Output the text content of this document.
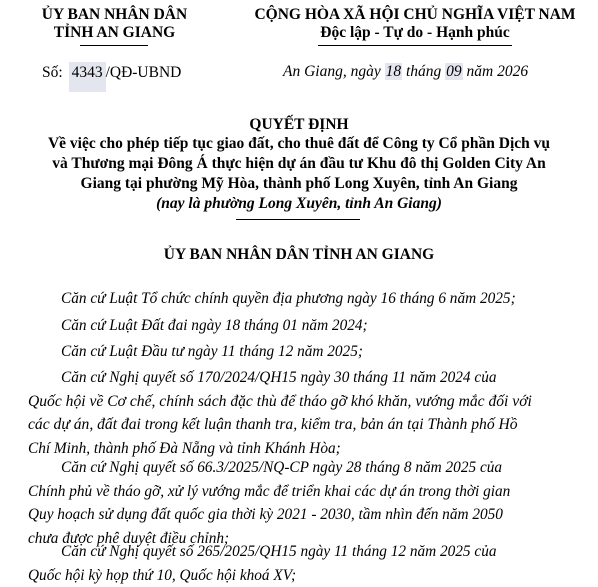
ỦY BAN NHÂN DÂN
TỈNH AN GIANG
Số: 4343 /QĐ-UBND
CỘNG HÒA XÃ HỘI CHỦ NGHĨA VIỆT NAM
Độc lập - Tự do - Hạnh phúc
An Giang, ngày 18 tháng 09 năm 2026
QUYẾT ĐỊNH
Về việc cho phép tiếp tục giao đất, cho thuê đất để Công ty Cổ phần Dịch vụ
và Thương mại Đông Á thực hiện dự án đầu tư Khu đô thị Golden City An
Giang tại phường Mỹ Hòa, thành phố Long Xuyên, tỉnh An Giang
(nay là phường Long Xuyên, tỉnh An Giang)
ỦY BAN NHÂN DÂN TỈNH AN GIANG
Căn cứ Luật Tổ chức chính quyền địa phương ngày 16 tháng 6 năm 2025;
Căn cứ Luật Đất đai ngày 18 tháng 01 năm 2024;
Căn cứ Luật Đầu tư ngày 11 tháng 12 năm 2025;
Căn cứ Nghị quyết số 170/2024/QH15 ngày 30 tháng 11 năm 2024 của
Quốc hội về Cơ chế, chính sách đặc thù để tháo gỡ khó khăn, vướng mắc đối với
các dự án, đất đai trong kết luận thanh tra, kiểm tra, bản án tại Thành phố Hồ
Chí Minh, thành phố Đà Nẵng và tỉnh Khánh Hòa;
Căn cứ Nghị quyết số 66.3/2025/NQ-CP ngày 28 tháng 8 năm 2025 của
Chính phủ về tháo gỡ, xử lý vướng mắc để triển khai các dự án trong thời gian
Quy hoạch sử dụng đất quốc gia thời kỳ 2021 - 2030, tầm nhìn đến năm 2050
chưa được phê duyệt điều chỉnh;
Căn cứ Nghị quyết số 265/2025/QH15 ngày 11 tháng 12 năm 2025 của
Quốc hội kỳ họp thứ 10, Quốc hội khoá XV;
